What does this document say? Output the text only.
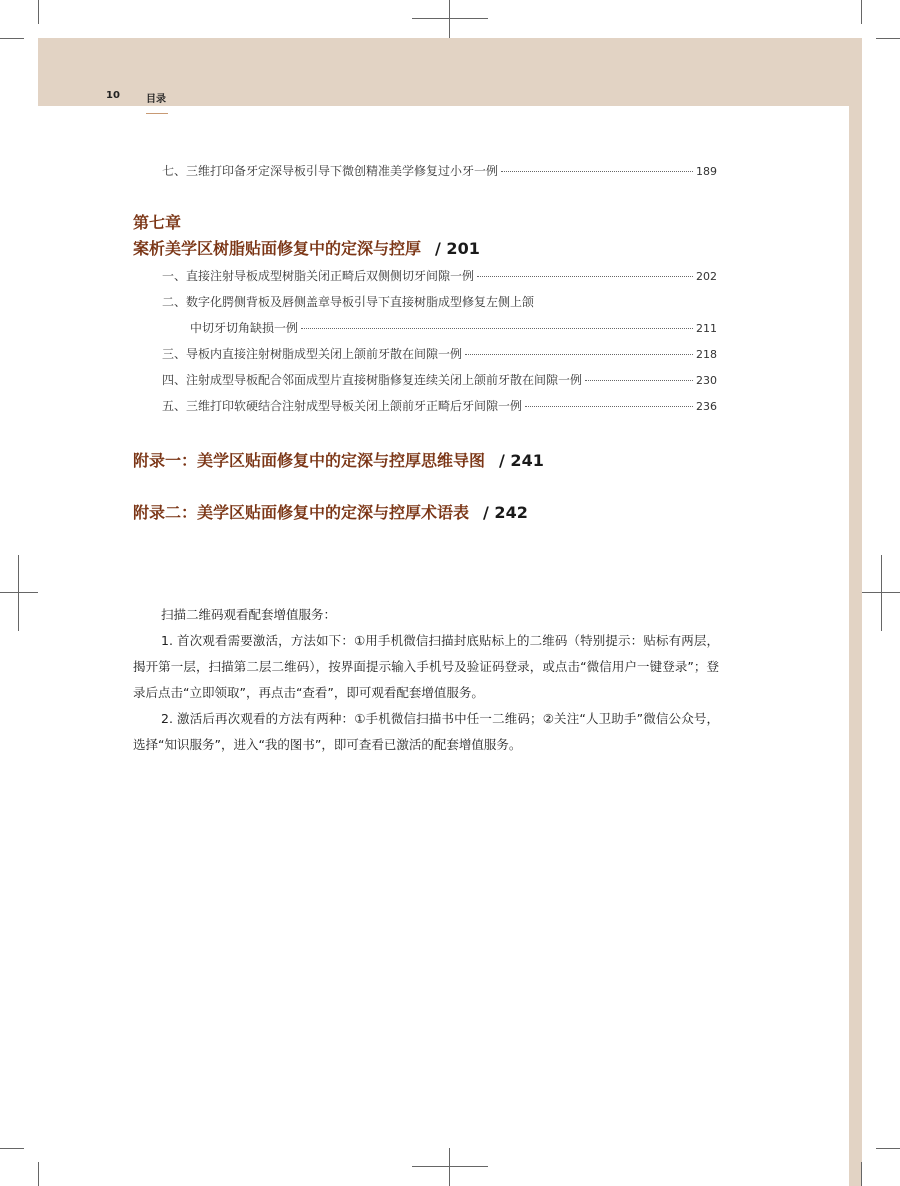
10	目录
七、三维打印备牙定深导板引导下微创精准美学修复过小牙一例	189
第七章
案析美学区树脂贴面修复中的定深与控厚 / 201
一、直接注射导板成型树脂关闭正畸后双侧侧切牙间隙一例	202
二、数字化腭侧背板及唇侧盖章导板引导下直接树脂成型修复左侧上颌
中切牙切角缺损一例	211
三、导板内直接注射树脂成型关闭上颌前牙散在间隙一例	218
四、注射成型导板配合邻面成型片直接树脂修复连续关闭上颌前牙散在间隙一例	230
五、三维打印软硬结合注射成型导板关闭上颌前牙正畸后牙间隙一例	236
附录一：美学区贴面修复中的定深与控厚思维导图 / 241
附录二：美学区贴面修复中的定深与控厚术语表 / 242

扫描二维码观看配套增值服务：

1. 首次观看需要激活，方法如下：①用手机微信扫描封底贴标上的二维码（特别提示：贴标有两层，揭开第一层，扫描第二层二维码），按界面提示输入手机号及验证码登录，或点击“微信用户一键登录”；登录后点击“立即领取”，再点击“查看”，即可观看配套增值服务。

2. 激活后再次观看的方法有两种：①手机微信扫描书中任一二维码；②关注“人卫助手”微信公众号，选择“知识服务”，进入“我的图书”，即可查看已激活的配套增值服务。
